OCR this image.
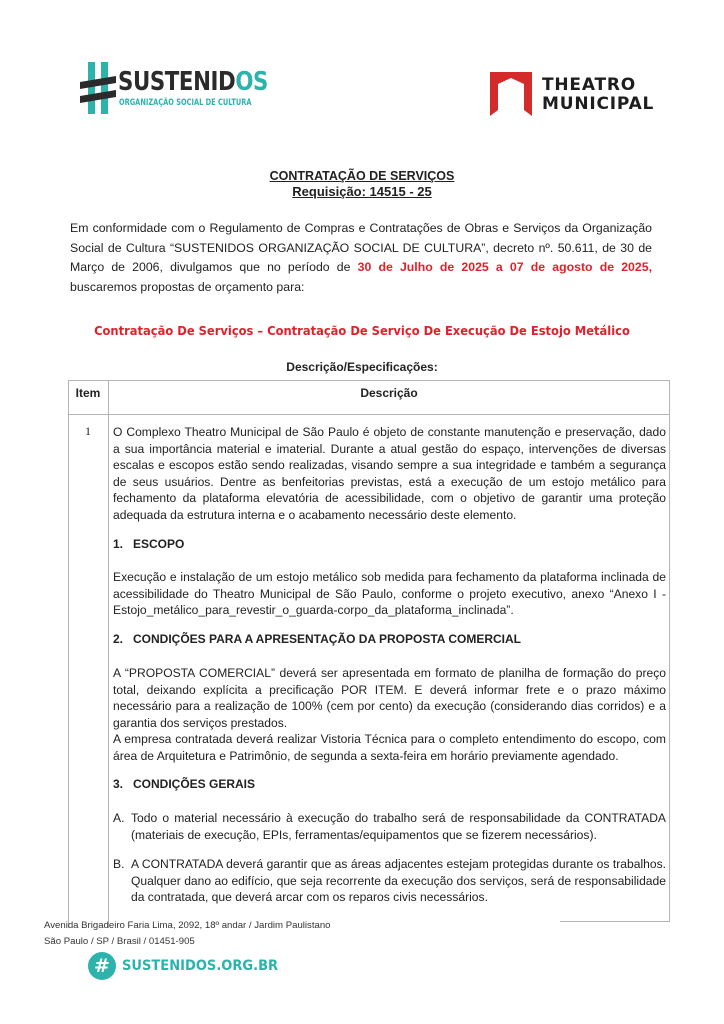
SUSTENIDOS
ORGANIZAÇÃO SOCIAL DE CULTURA
THEATRO
MUNICIPAL
CONTRATAÇÃO DE SERVIÇOS
Requisição: 14515 - 25
Em conformidade com o Regulamento de Compras e Contratações de Obras e Serviços da Organização Social de Cultura “SUSTENIDOS ORGANIZAÇÃO SOCIAL DE CULTURA”, decreto nº. 50.611, de 30 de Março de 2006, divulgamos que no período de 30 de Julho de 2025 a 07 de agosto de 2025, buscaremos propostas de orçamento para:
Contratação De Serviços – Contratação De Serviço De Execução De Estojo Metálico
Descrição/Especificações:
Item	Descrição
1	O Complexo Theatro Municipal de São Paulo é objeto de constante manutenção e preservação, dado a sua importância material e imaterial. Durante a atual gestão do espaço, intervenções de diversas escalas e escopos estão sendo realizadas, visando sempre a sua integridade e também a segurança de seus usuários. Dentre as benfeitorias previstas, está a execução de um estojo metálico para fechamento da plataforma elevatória de acessibilidade, com o objetivo de garantir uma proteção adequada da estrutura interna e o acabamento necessário deste elemento.
1. ESCOPO
Execução e instalação de um estojo metálico sob medida para fechamento da plataforma inclinada de acessibilidade do Theatro Municipal de São Paulo, conforme o projeto executivo, anexo “Anexo I - Estojo_metálico_para_revestir_o_guarda-corpo_da_plataforma_inclinada”.
2. CONDIÇÕES PARA A APRESENTAÇÃO DA PROPOSTA COMERCIAL
A “PROPOSTA COMERCIAL” deverá ser apresentada em formato de planilha de formação do preço total, deixando explícita a precificação POR ITEM. E deverá informar frete e o prazo máximo necessário para a realização de 100% (cem por cento) da execução (considerando dias corridos) e a garantia dos serviços prestados.
A empresa contratada deverá realizar Vistoria Técnica para o completo entendimento do escopo, com área de Arquitetura e Patrimônio, de segunda a sexta-feira em horário previamente agendado.
3. CONDIÇÕES GERAIS
A. Todo o material necessário à execução do trabalho será de responsabilidade da CONTRATADA (materiais de execução, EPIs, ferramentas/equipamentos que se fizerem necessários).
B. A CONTRATADA deverá garantir que as áreas adjacentes estejam protegidas durante os trabalhos. Qualquer dano ao edifício, que seja recorrente da execução dos serviços, será de responsabilidade da contratada, que deverá arcar com os reparos civis necessários.
Avenida Brigadeiro Faria Lima, 2092, 18º andar / Jardim Paulistano
São Paulo / SP / Brasil / 01451-905
# SUSTENIDOS.ORG.BR
